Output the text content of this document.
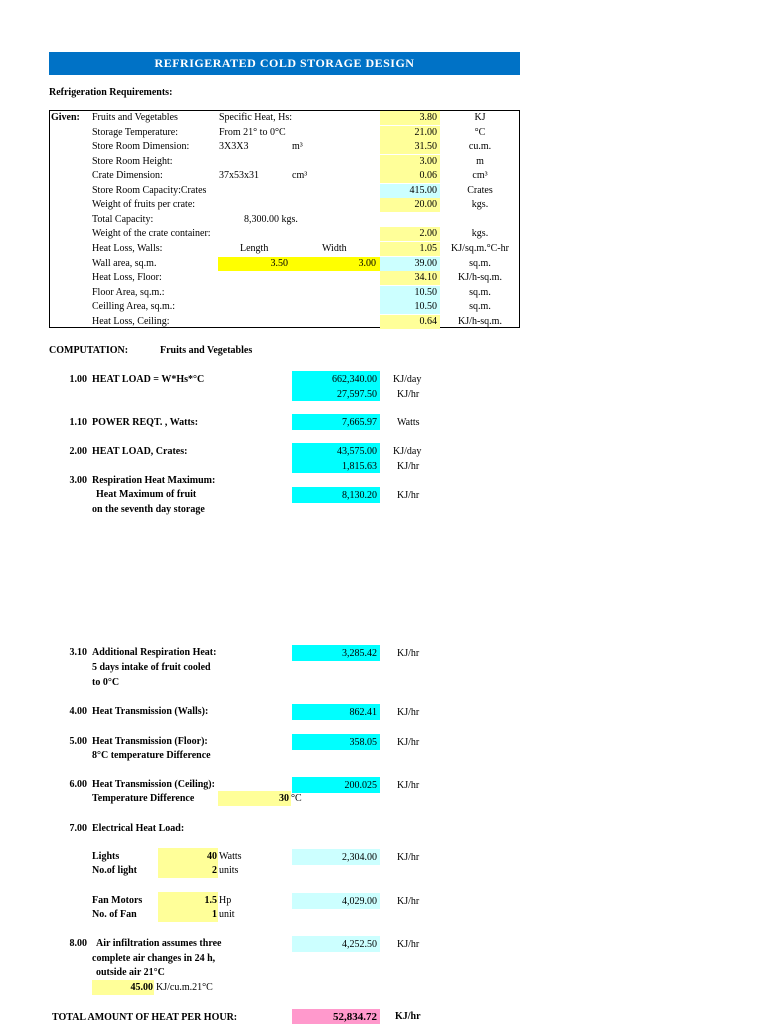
REFRIGERATED COLD STORAGE DESIGN
Refrigeration Requirements:
Given: Fruits and Vegetables	Specific Heat, Hs:	3.80	KJ
Storage Temperature:	From 21° to 0°C	21.00	°C
Store Room Dimension:	3X3X3	m³	31.50	cu.m.
Store Room Height:	3.00	m
Crate Dimension:	37x53x31	cm³	0.06	cm³
Store Room Capacity:Crates	415.00	Crates
Weight of fruits per crate:	20.00	kgs.
Total Capacity:	8,300.00 kgs.
Weight of the crate container:	2.00	kgs.
Heat Loss, Walls:	Length	Width	1.05	KJ/sq.m.°C-hr
Wall area, sq.m.	3.50	3.00	39.00	sq.m.
Heat Loss, Floor:	34.10	KJ/h-sq.m.
Floor Area, sq.m.:	10.50	sq.m.
Ceilling Area, sq.m.:	10.50	sq.m.
Heat Loss, Ceiling:	0.64	KJ/h-sq.m.
COMPUTATION:	Fruits and Vegetables
1.00 HEAT LOAD = W*Hs*°C	662,340.00 KJ/day
27,597.50 KJ/hr
1.10 POWER REQT. , Watts:	7,665.97 Watts
2.00 HEAT LOAD, Crates:	43,575.00 KJ/day
1,815.63 KJ/hr
3.00 Respiration Heat Maximum:
Heat Maximum of fruit
on the seventh day storage
8,130.20 KJ/hr
3.10 Additional Respiration Heat:
5 days intake of fruit cooled
to 0°C
3,285.42 KJ/hr
4.00 Heat Transmission (Walls):	862.41 KJ/hr
5.00 Heat Transmission (Floor):
8°C temperature Difference
358.05 KJ/hr
6.00 Heat Transmission (Ceiling):
Temperature Difference	30 °C
200.025 KJ/hr
7.00 Electrical Heat Load:
Lights	40 Watts
No.of light	2 units
2,304.00 KJ/hr
Fan Motors	1.5 Hp
No. of Fan	1 unit
4,029.00 KJ/hr
8.00 Air infiltration assumes three
complete air changes in 24 h,
outside air 21°C
45.00 KJ/cu.m.21°C
4,252.50 KJ/hr
TOTAL AMOUNT OF HEAT PER HOUR:	52,834.72 KJ/hr
